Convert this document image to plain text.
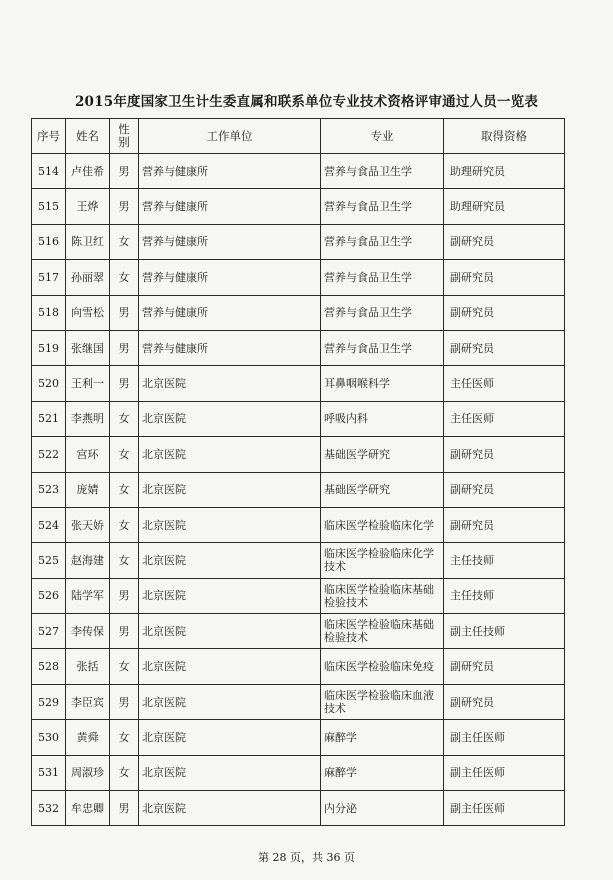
2015年度国家卫生计生委直属和联系单位专业技术资格评审通过人员一览表
序号	姓名	性别	工作单位	专业	取得资格
514	卢佳希	男	营养与健康所	营养与食品卫生学	助理研究员
515	王烨	男	营养与健康所	营养与食品卫生学	助理研究员
516	陈卫红	女	营养与健康所	营养与食品卫生学	副研究员
517	孙丽翠	女	营养与健康所	营养与食品卫生学	副研究员
518	向雪松	男	营养与健康所	营养与食品卫生学	副研究员
519	张继国	男	营养与健康所	营养与食品卫生学	副研究员
520	王利一	男	北京医院	耳鼻咽喉科学	主任医师
521	李燕明	女	北京医院	呼吸内科	主任医师
522	宫环	女	北京医院	基础医学研究	副研究员
523	庞婧	女	北京医院	基础医学研究	副研究员
524	张天娇	女	北京医院	临床医学检验临床化学	副研究员
525	赵海建	女	北京医院	临床医学检验临床化学技术	主任技师
526	陆学军	男	北京医院	临床医学检验临床基础检验技术	主任技师
527	李传保	男	北京医院	临床医学检验临床基础检验技术	副主任技师
528	张括	女	北京医院	临床医学检验临床免疫	副研究员
529	李臣宾	男	北京医院	临床医学检验临床血液技术	副研究员
530	黄舜	女	北京医院	麻醉学	副主任医师
531	周淑珍	女	北京医院	麻醉学	副主任医师
532	牟忠卿	男	北京医院	内分泌	副主任医师
第 28 页，共 36 页
